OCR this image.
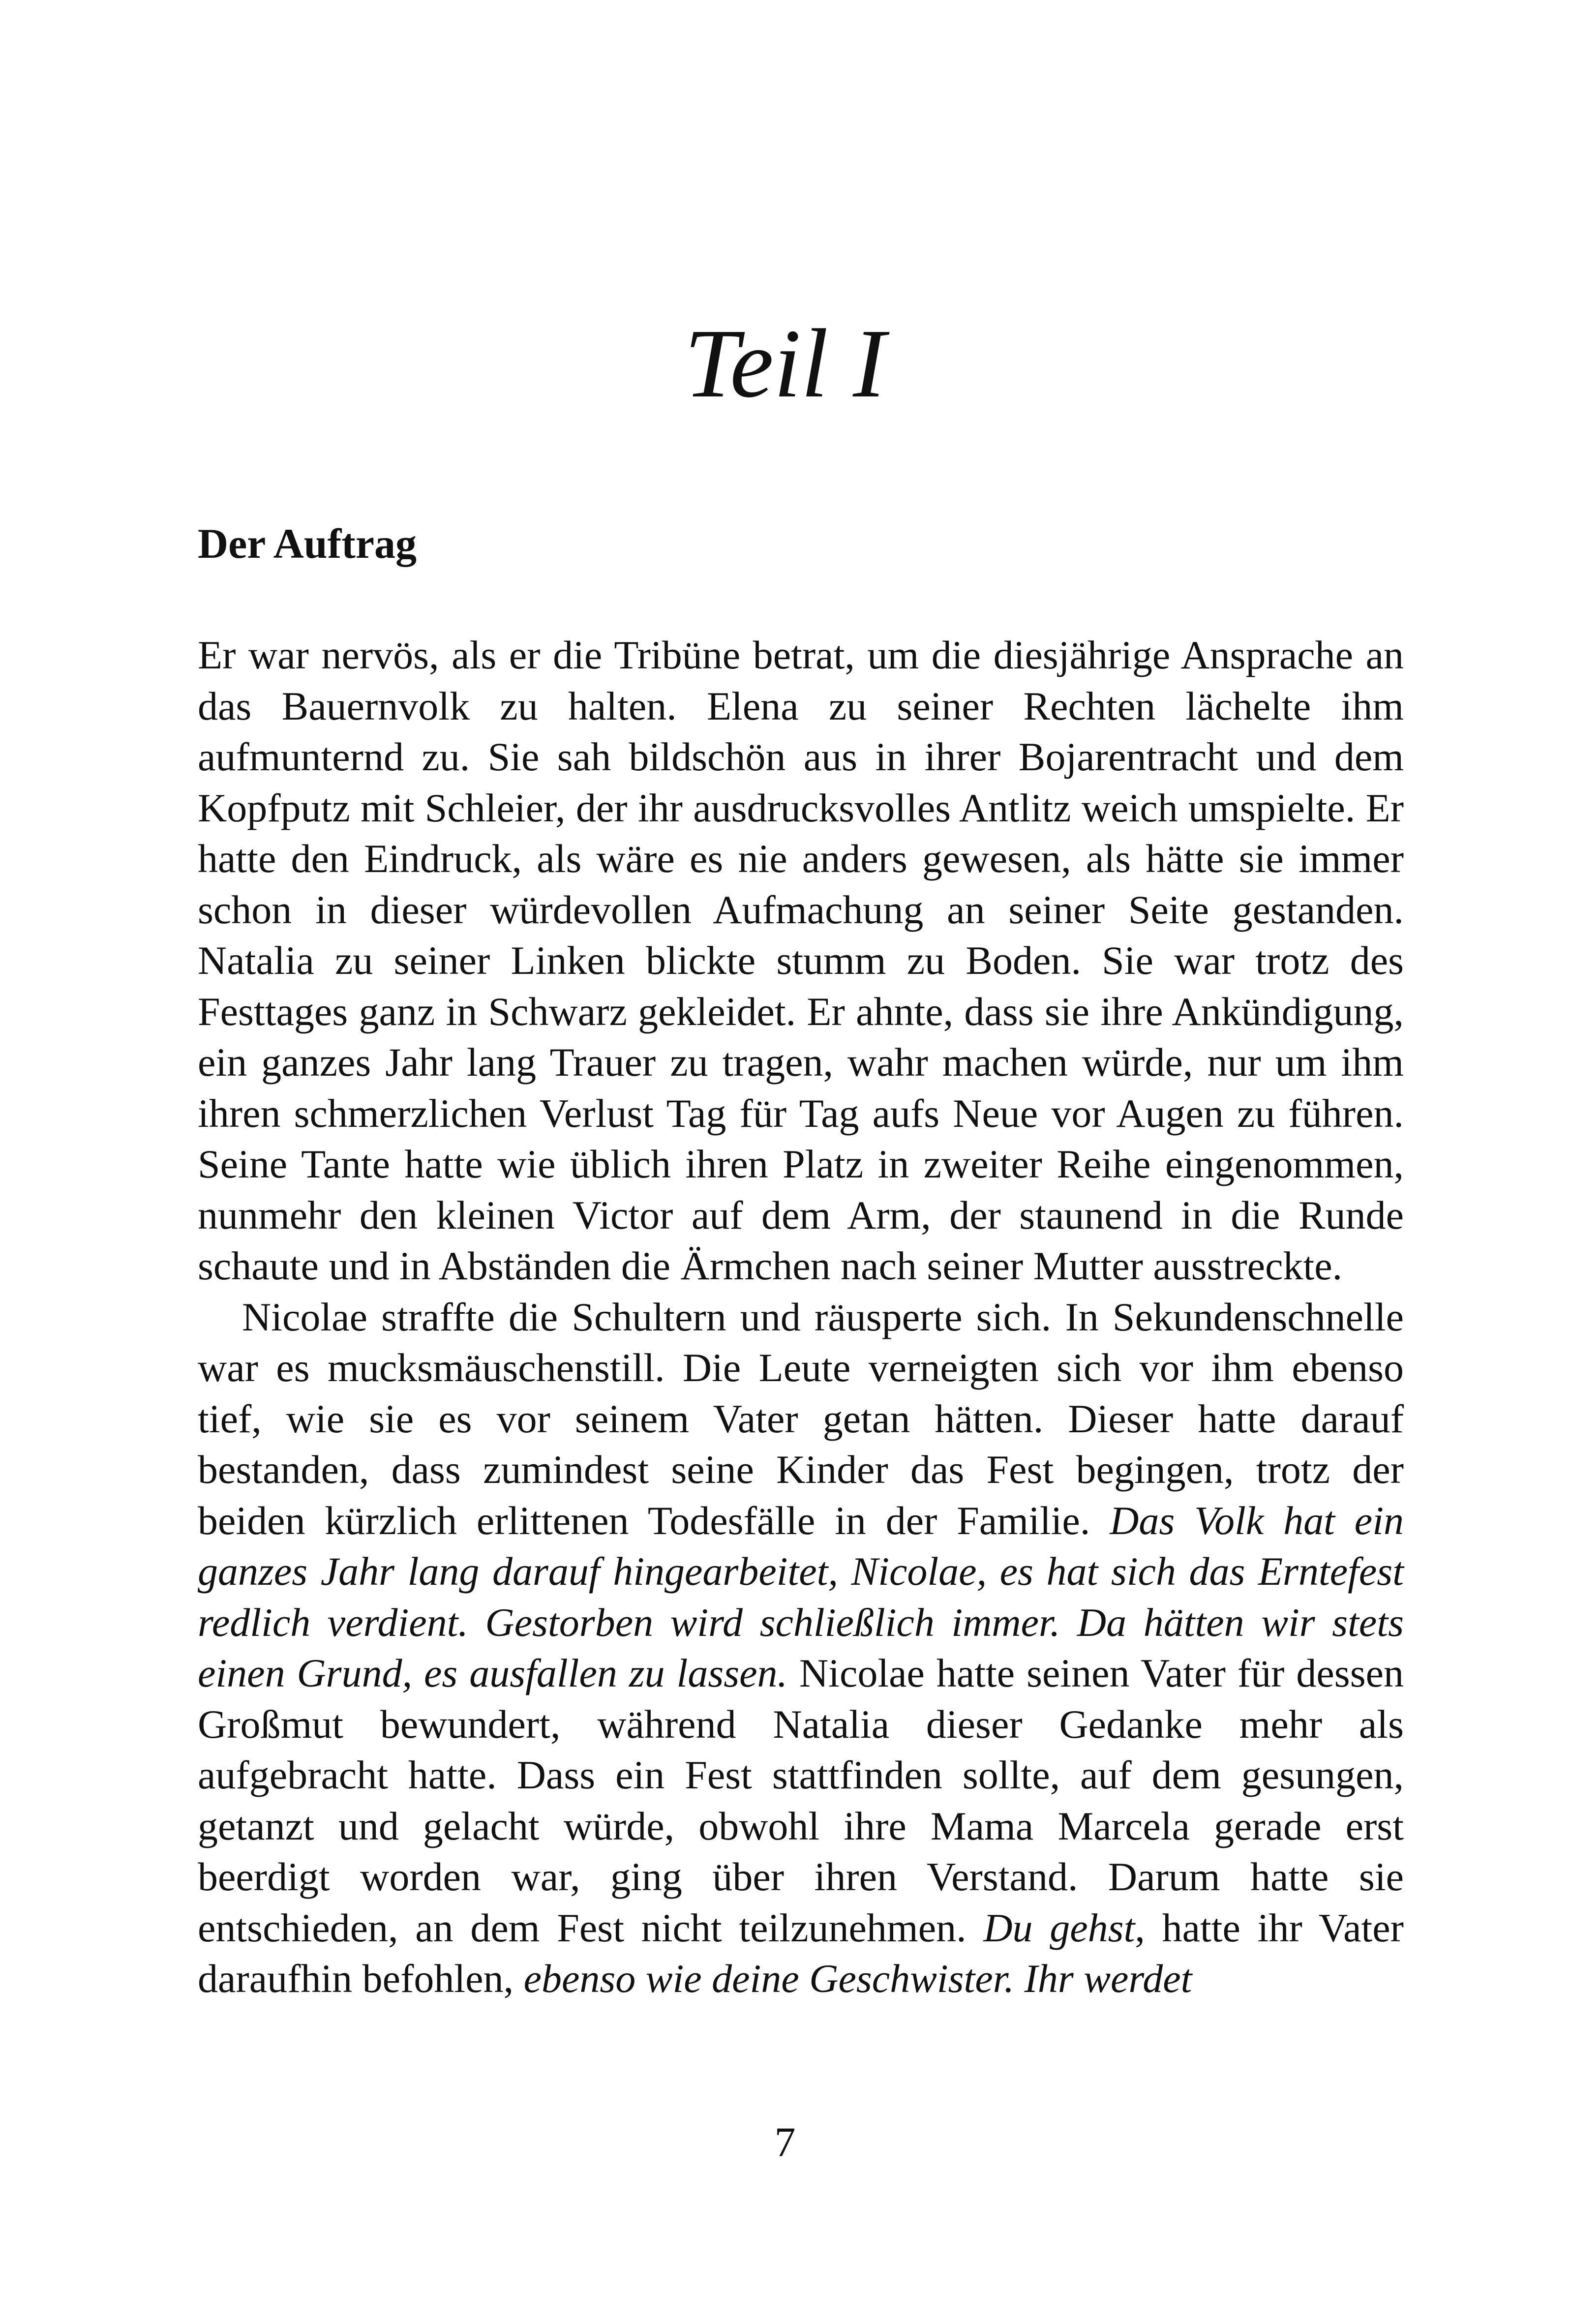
Teil I
Der Auftrag

Er war nervös, als er die Tribüne betrat, um die diesjährige Ansprache an das Bauernvolk zu halten. Elena zu seiner Rechten lächelte ihm aufmunternd zu. Sie sah bildschön aus in ihrer Bojarentracht und dem Kopfputz mit Schleier, der ihr ausdrucksvolles Antlitz weich umspielte. Er hatte den Eindruck, als wäre es nie anders gewesen, als hätte sie immer schon in dieser würdevollen Aufmachung an seiner Seite gestanden. Natalia zu seiner Linken blickte stumm zu Boden. Sie war trotz des Festtages ganz in Schwarz gekleidet. Er ahnte, dass sie ihre Ankündigung, ein ganzes Jahr lang Trauer zu tragen, wahr machen würde, nur um ihm ihren schmerzlichen Verlust Tag für Tag aufs Neue vor Augen zu führen. Seine Tante hatte wie üblich ihren Platz in zweiter Reihe eingenommen, nunmehr den kleinen Victor auf dem Arm, der staunend in die Runde schaute und in Abständen die Ärmchen nach seiner Mutter ausstreckte.

Nicolae straffte die Schultern und räusperte sich. In Sekundenschnelle war es mucksmäuschenstill. Die Leute verneigten sich vor ihm ebenso tief, wie sie es vor seinem Vater getan hätten. Dieser hatte darauf bestanden, dass zumindest seine Kinder das Fest begingen, trotz der beiden kürzlich erlittenen Todesfälle in der Familie. Das Volk hat ein ganzes Jahr lang darauf hingearbeitet, Nicolae, es hat sich das Erntefest redlich verdient. Gestorben wird schließlich immer. Da hätten wir stets einen Grund, es ausfallen zu lassen. Nicolae hatte seinen Vater für dessen Großmut bewundert, während Natalia dieser Gedanke mehr als aufgebracht hatte. Dass ein Fest stattfinden sollte, auf dem gesungen, getanzt und gelacht würde, obwohl ihre Mama Marcela gerade erst beerdigt worden war, ging über ihren Verstand. Darum hatte sie entschieden, an dem Fest nicht teilzunehmen. Du gehst, hatte ihr Vater daraufhin befohlen, ebenso wie deine Geschwister. Ihr werdet

7
